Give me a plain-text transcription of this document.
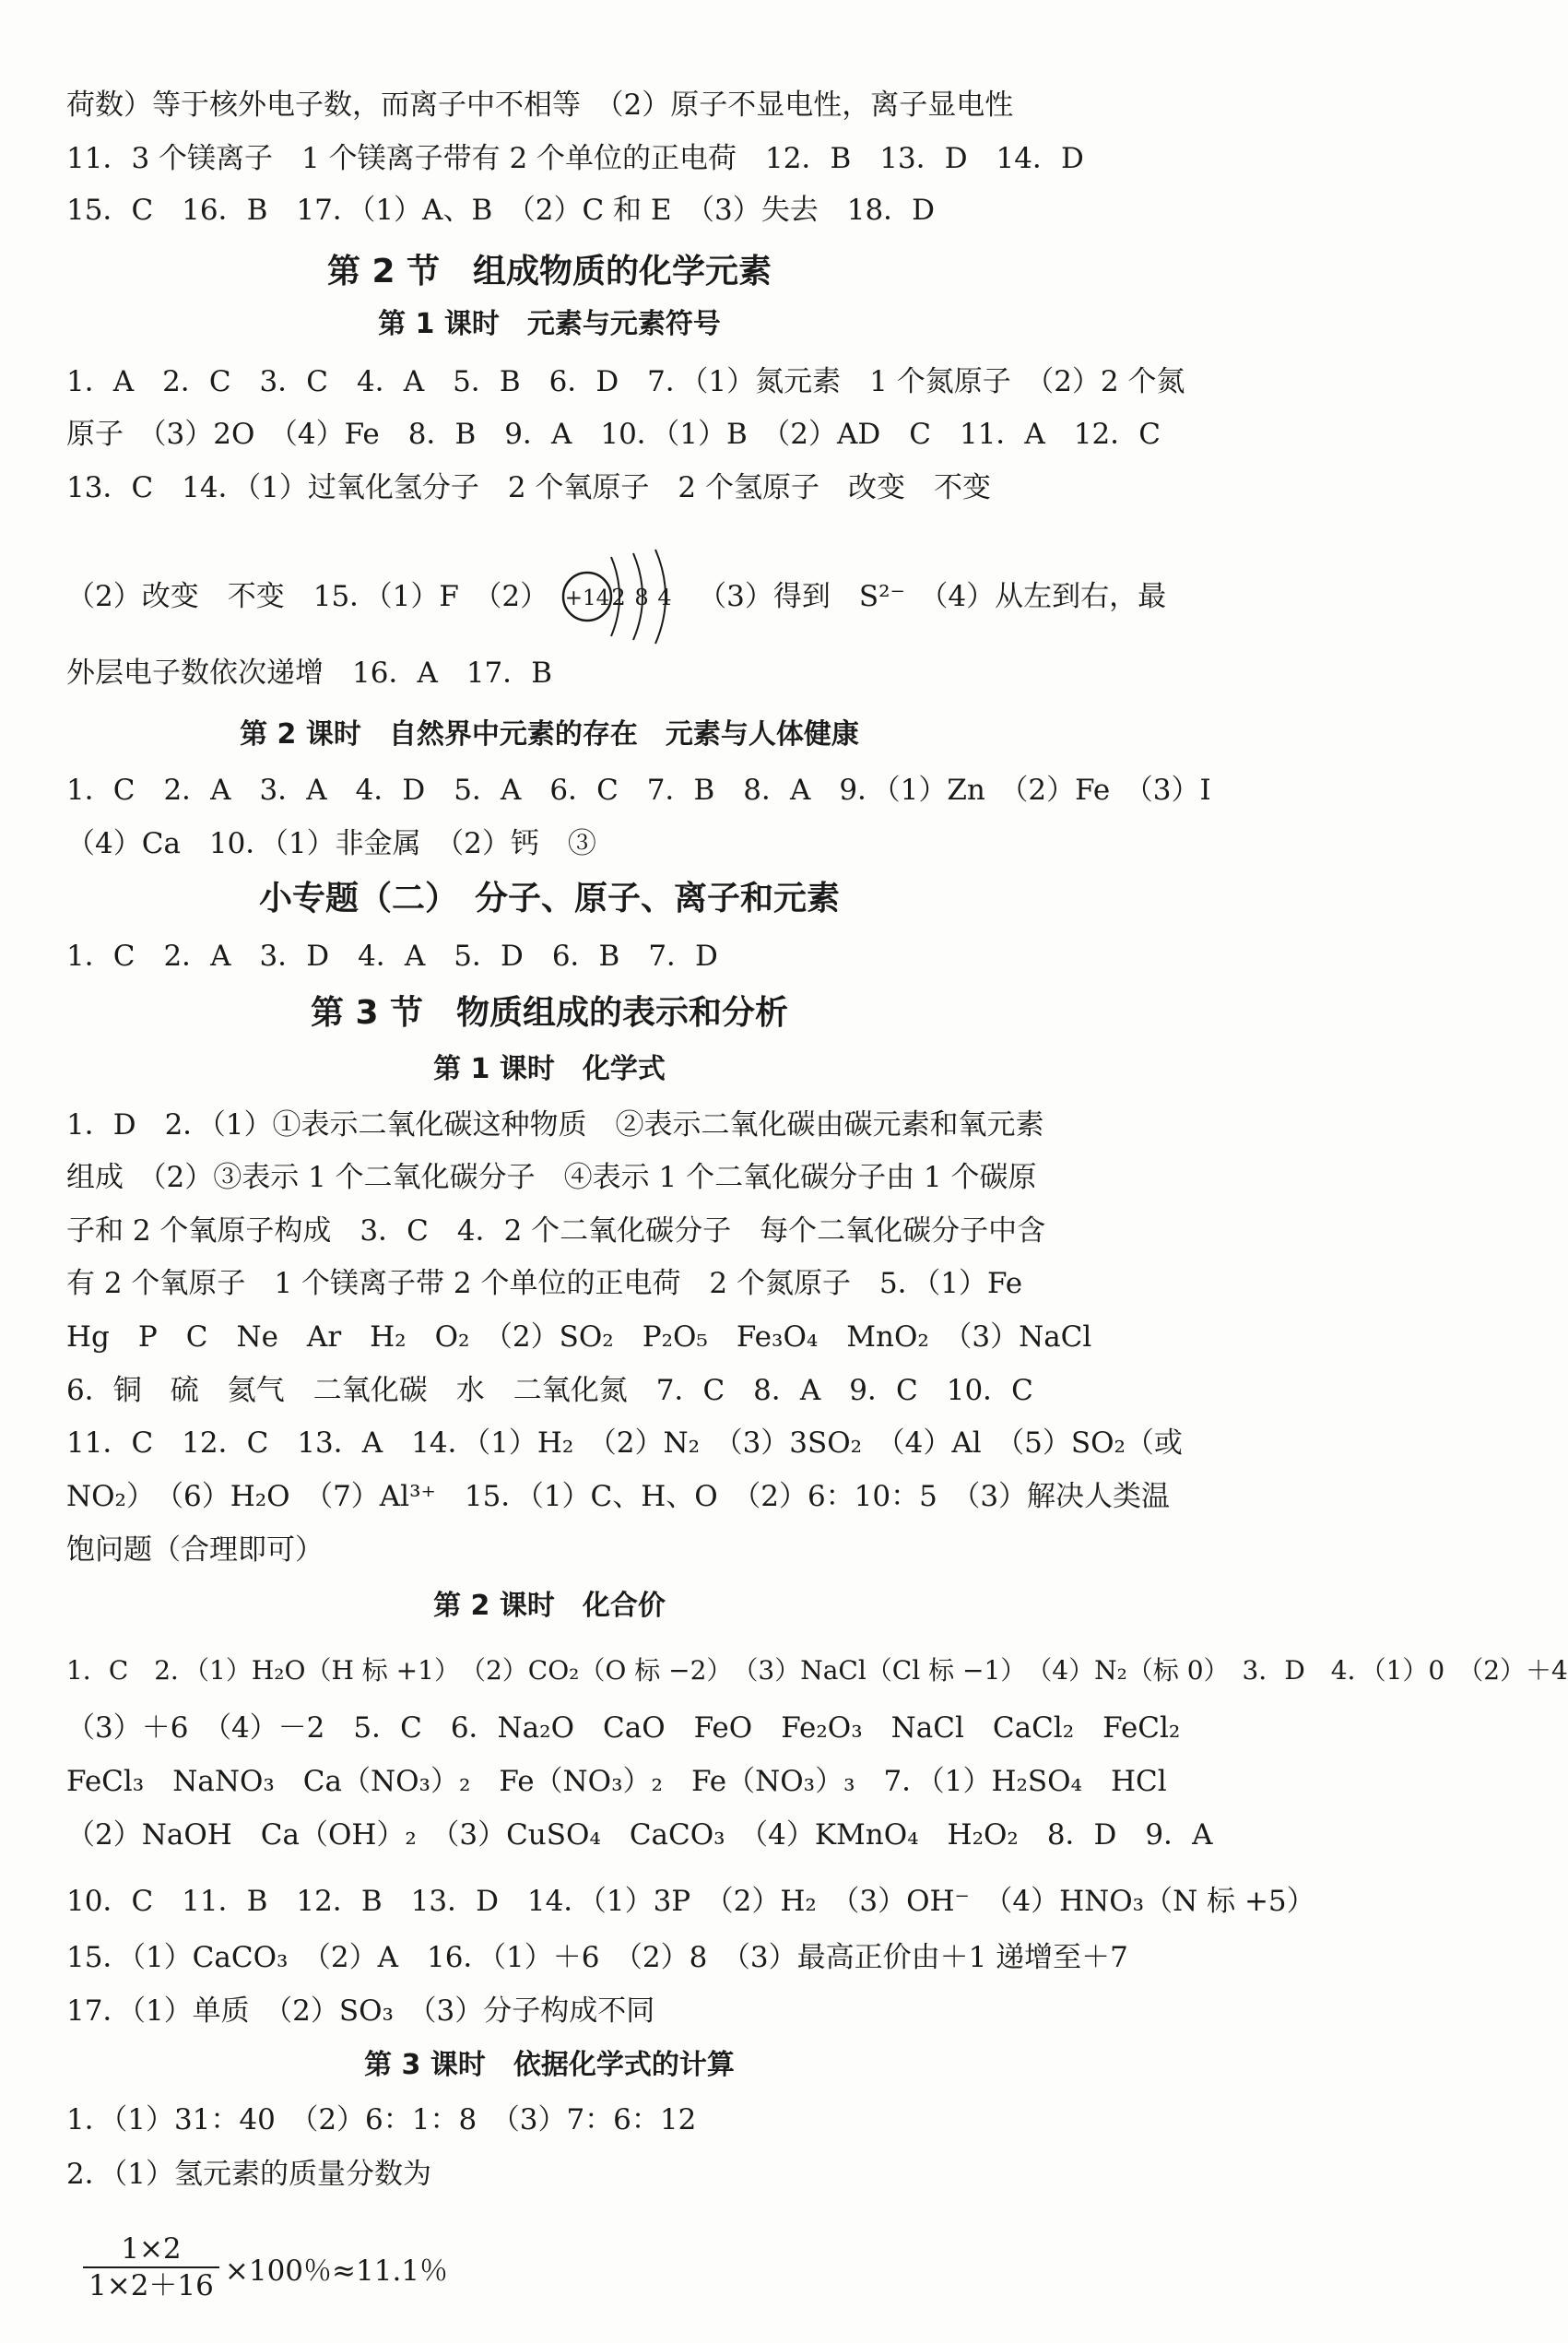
荷数）等于核外电子数，而离子中不相等　（2）原子不显电性，离子显电性
11．3 个镁离子　1 个镁离子带有 2 个单位的正电荷　12．B　13．D　14．D
15．C　16．B　17．（1）A、B　（2）C 和 E　（3）失去　18．D
第 2 节　组成物质的化学元素
第 1 课时　元素与元素符号
1．A　2．C　3．C　4．A　5．B　6．D　7．（1）氮元素　1 个氮原子　（2）2 个氮
原子　（3）2O　（4）Fe　8．B　9．A　10．（1）B　（2）AD　C　11．A　12．C
13．C　14．（1）过氧化氢分子　2 个氧原子　2 个氢原子　改变　不变
（2）改变　不变　15．（1）F　（2） +14 2 8 4 （3）得到　S²⁻　（4）从左到右，最
外层电子数依次递增　16．A　17．B
第 2 课时　自然界中元素的存在　元素与人体健康
1．C　2．A　3．A　4．D　5．A　6．C　7．B　8．A　9．（1）Zn　（2）Fe　（3）I
（4）Ca　10．（1）非金属　（2）钙　③
小专题（二）　分子、原子、离子和元素
1．C　2．A　3．D　4．A　5．D　6．B　7．D
第 3 节　物质组成的表示和分析
第 1 课时　化学式
1．D　2．（1）①表示二氧化碳这种物质　②表示二氧化碳由碳元素和氧元素
组成　（2）③表示 1 个二氧化碳分子　④表示 1 个二氧化碳分子由 1 个碳原
子和 2 个氧原子构成　3．C　4．2 个二氧化碳分子　每个二氧化碳分子中含
有 2 个氧原子　1 个镁离子带 2 个单位的正电荷　2 个氮原子　5．（1）Fe
Hg　P　C　Ne　Ar　H₂　O₂　（2）SO₂　P₂O₅　Fe₃O₄　MnO₂　（3）NaCl
6．铜　硫　氦气　二氧化碳　水　二氧化氮　7．C　8．A　9．C　10．C
11．C　12．C　13．A　14．（1）H₂　（2）N₂　（3）3SO₂　（4）Al　（5）SO₂（或
NO₂）　（6）H₂O　（7）Al³⁺　15．（1）C、H、O　（2）6：10：5　（3）解决人类温
饱问题（合理即可）
第 2 课时　化合价
1．C　2．（1）H₂O（H 标 +1）　（2）CO₂（O 标 −2）　（3）NaCl（Cl 标 −1）　（4）N₂（标 0）　3．D　4．（1）0　（2）＋4
（3）＋6　（4）－2　5．C　6．Na₂O　CaO　FeO　Fe₂O₃　NaCl　CaCl₂　FeCl₂
FeCl₃　NaNO₃　Ca（NO₃）₂　Fe（NO₃）₂　Fe（NO₃）₃　7．（1）H₂SO₄　HCl
（2）NaOH　Ca（OH）₂　（3）CuSO₄　CaCO₃　（4）KMnO₄　H₂O₂　8．D　9．A
10．C　11．B　12．B　13．D　14．（1）3P　（2）H₂　（3）OH⁻　（4）HNO₃（N 标 +5）
15．（1）CaCO₃　（2）A　16．（1）＋6　（2）8　（3）最高正价由＋1 递增至＋7
17．（1）单质　（2）SO₃　（3）分子构成不同
第 3 课时　依据化学式的计算
1．（1）31：40　（2）6：1：8　（3）7：6：12
2．（1）氢元素的质量分数为
$\frac{1\times 2}{1\times 2+16} \times 100$％≈11.1％
